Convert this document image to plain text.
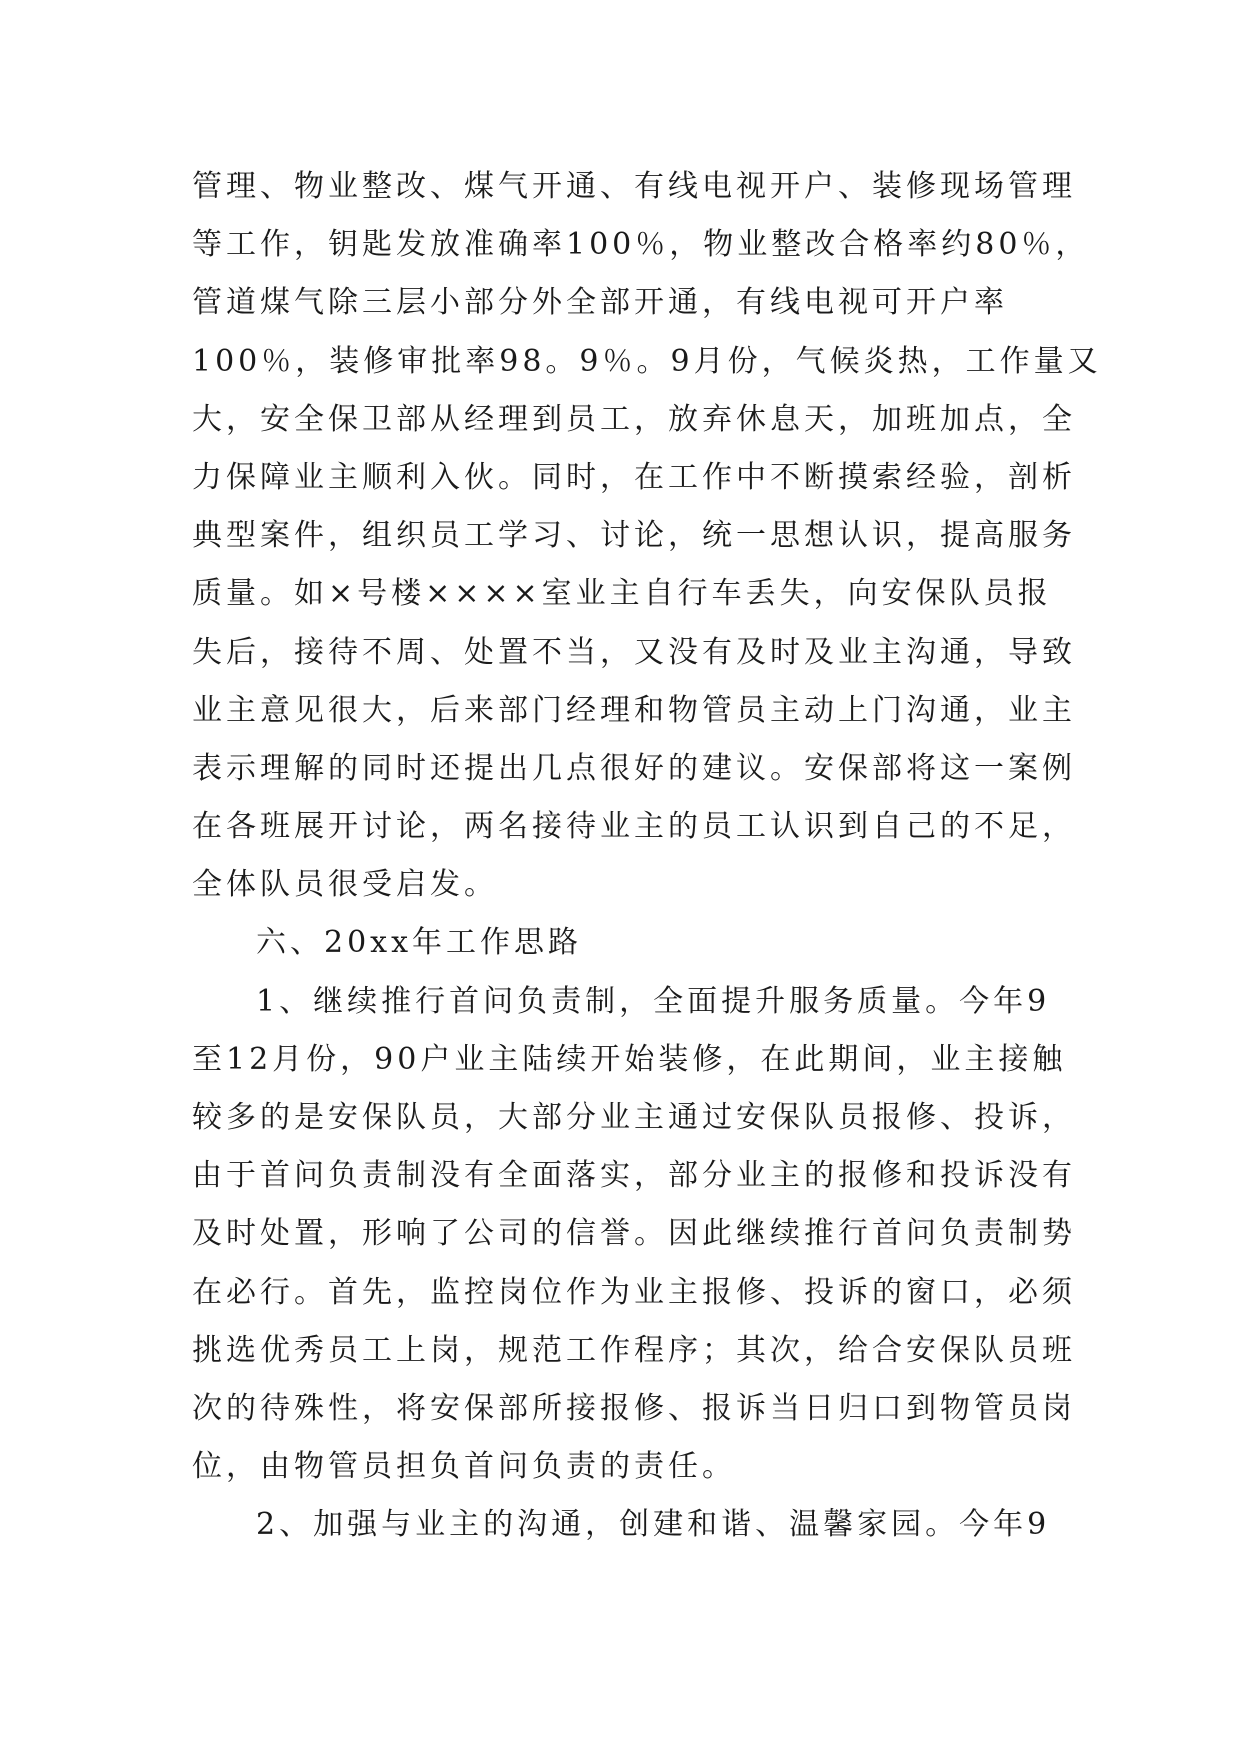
管理、物业整改、煤气开通、有线电视开户、装修现场管理
等工作，钥匙发放准确率100％，物业整改合格率约80％，
管道煤气除三层小部分外全部开通，有线电视可开户率
100％，装修审批率98。9％。9月份，气候炎热，工作量又
大，安全保卫部从经理到员工，放弃休息天，加班加点，全
力保障业主顺利入伙。同时，在工作中不断摸索经验，剖析
典型案件，组织员工学习、讨论，统一思想认识，提高服务
质量。如×号楼××××室业主自行车丢失，向安保队员报
失后，接待不周、处置不当，又没有及时及业主沟通，导致
业主意见很大，后来部门经理和物管员主动上门沟通，业主
表示理解的同时还提出几点很好的建议。安保部将这一案例
在各班展开讨论，两名接待业主的员工认识到自己的不足，
全体队员很受启发。
六、20xx年工作思路
1、继续推行首问负责制，全面提升服务质量。今年9
至12月份，90户业主陆续开始装修，在此期间，业主接触
较多的是安保队员，大部分业主通过安保队员报修、投诉，
由于首问负责制没有全面落实，部分业主的报修和投诉没有
及时处置，形响了公司的信誉。因此继续推行首问负责制势
在必行。首先，监控岗位作为业主报修、投诉的窗口，必须
挑选优秀员工上岗，规范工作程序；其次，给合安保队员班
次的待殊性，将安保部所接报修、报诉当日归口到物管员岗
位，由物管员担负首问负责的责任。
2、加强与业主的沟通，创建和谐、温馨家园。今年9
